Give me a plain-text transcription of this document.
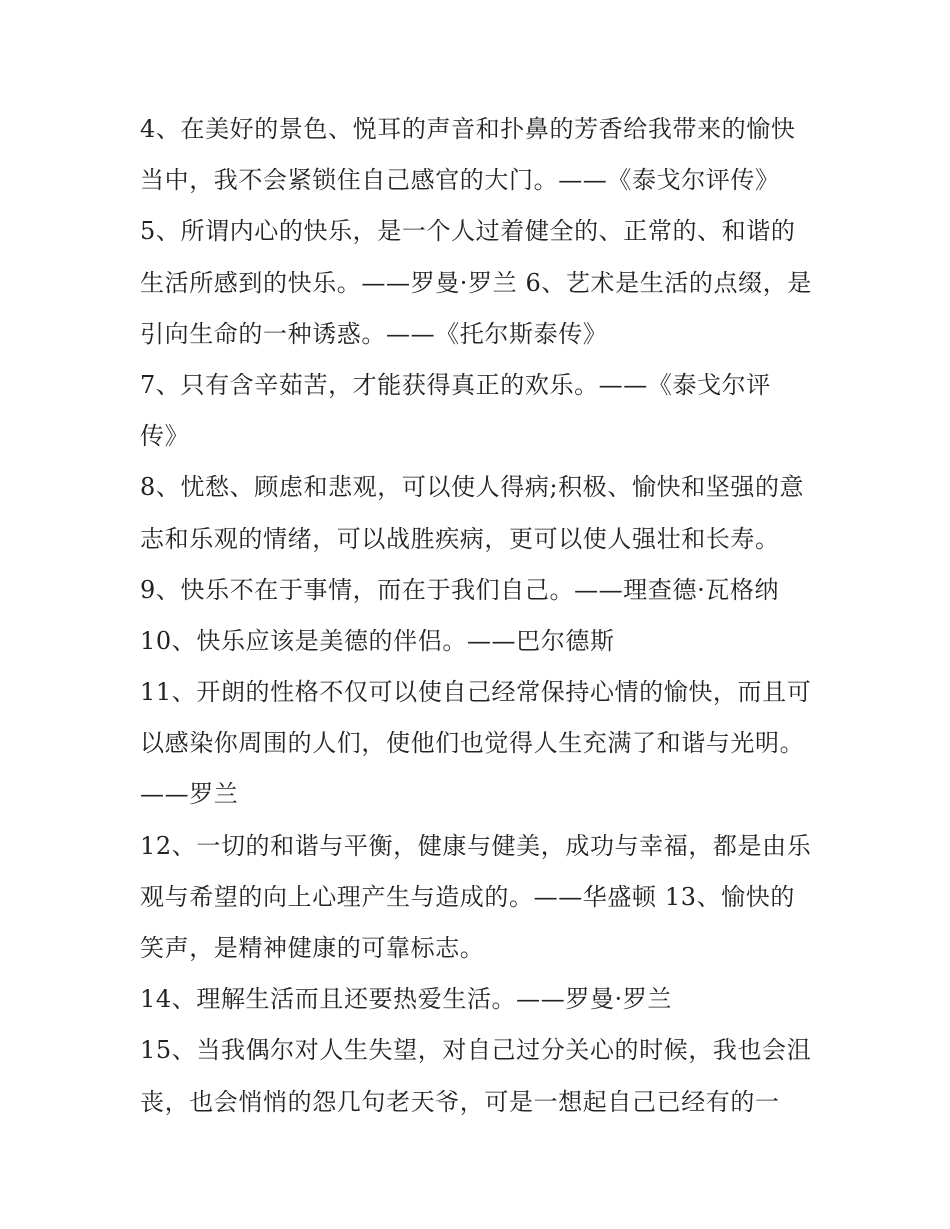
4、在美好的景色、悦耳的声音和扑鼻的芳香给我带来的愉快
当中，我不会紧锁住自己感官的大门。——《泰戈尔评传》
5、所谓内心的快乐，是一个人过着健全的、正常的、和谐的
生活所感到的快乐。——罗曼·罗兰 6、艺术是生活的点缀，是
引向生命的一种诱惑。——《托尔斯泰传》
7、只有含辛茹苦，才能获得真正的欢乐。——《泰戈尔评
传》
8、忧愁、顾虑和悲观，可以使人得病;积极、愉快和坚强的意
志和乐观的情绪，可以战胜疾病，更可以使人强壮和长寿。
9、快乐不在于事情，而在于我们自己。——理查德·瓦格纳
10、快乐应该是美德的伴侣。——巴尔德斯
11、开朗的性格不仅可以使自己经常保持心情的愉快，而且可
以感染你周围的人们，使他们也觉得人生充满了和谐与光明。
——罗兰
12、一切的和谐与平衡，健康与健美，成功与幸福，都是由乐
观与希望的向上心理产生与造成的。——华盛顿 13、愉快的
笑声，是精神健康的可靠标志。
14、理解生活而且还要热爱生活。——罗曼·罗兰
15、当我偶尔对人生失望，对自己过分关心的时候，我也会沮
丧，也会悄悄的怨几句老天爷，可是一想起自己已经有的一
